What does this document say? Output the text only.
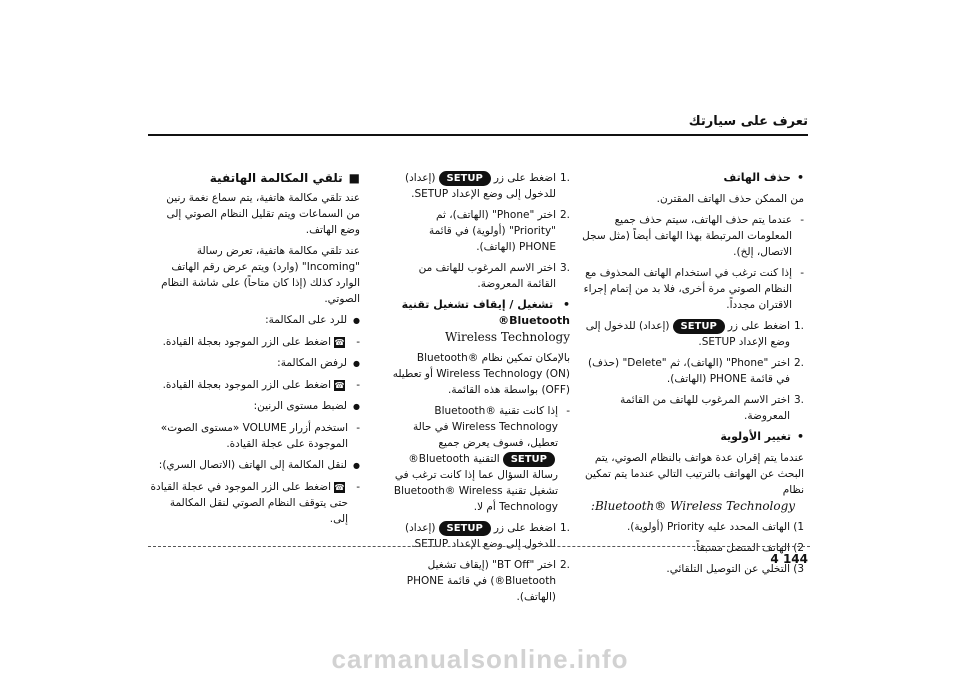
تعرف على سيارتك
• حذف الهاتف
من الممكن حذف الهاتف المقترن.
- عندما يتم حذف الهاتف، سيتم حذف جميع المعلومات المرتبطة بهذا الهاتف أيضاً (مثل سجل الاتصال، إلخ).
- إذا كنت ترغب في استخدام الهاتف المحذوف مع النظام الصوتي مرة أخرى، فلا بد من إتمام إجراء الاقتران مجدداً.
.1
اضغط على زرSETUP(إعداد) للدخول إلى وضع الإعداد SETUP.
.2
اختر "Phone" (الهاتف)، ثم "Delete" (حذف) في قائمة PHONE (الهاتف).
.3
اختر الاسم المرغوب للهاتف من القائمة المعروضة.
• تغيير الأولوية
عندما يتم إقران عدة هواتف بالنظام الصوتي، يتم البحث عن الهواتف بالترتيب التالي عندما يتم تمكين نظام
Bluetooth® Wireless Technology:
1)
الهاتف المحدد عليه Priority (أولوية).
2)
الهاتف المتصل مسبقاً.
3)
التخلي عن التوصيل التلقائي.
.1
اضغط على زرSETUP(إعداد) للدخول إلى وضع الإعداد SETUP.
.2
اختر "Phone" (الهاتف)، ثم "Priority" (أولوية) في قائمة PHONE (الهاتف).
.3
اختر الاسم المرغوب للهاتف من القائمة المعروضة.
• تشغيل / إيقاف تشغيل تقنية Bluetooth®
Wireless Technology
بالإمكان تمكين نظام Bluetooth® Wireless Technology (ON) أو تعطيله (OFF) بواسطة هذه القائمة.
- إذا كانت تقنية Bluetooth® Wireless Technology في حالة تعطيل، فسوف يعرض جميعSETUPالتقنية Bluetooth® رسالة السؤال عما إذا كانت ترغب في تشغيل تقنية Bluetooth® Wireless Technology أم لا.
.1
اضغط على زرSETUP(إعداد) للدخول إلى وضع الإعداد SETUP.
.2
اختر "BT Off" (إيقاف تشغيل Bluetooth®) في قائمة PHONE (الهاتف).
■ تلقي المكالمة الهاتفية
عند تلقي مكالمة هاتفية، يتم سماع نغمة رنين من السماعات ويتم تقليل النظام الصوتي إلى وضع الهاتف.
عند تلقي مكالمة هاتفية، تعرض رسالة "Incoming" (وارد) ويتم عرض رقم الهاتف الوارد كذلك (إذا كان متاحاً) على شاشة النظام الصوتي.
● للرد على المكالمة:
- ☎اضغط على الزر الموجود بعجلة القيادة.
● لرفض المكالمة:
- ☎اضغط على الزر الموجود بعجلة القيادة.
● لضبط مستوى الرنين:
- استخدم أزرار VOLUME «مستوى الصوت» الموجودة على عجلة القيادة.
● لنقل المكالمة إلى الهاتف (الاتصال السري):
- ☎اضغط على الزر الموجود في عجلة القيادة حتى يتوقف النظام الصوتي لنقل المكالمة إلى.
4 144
carmanualsonline.info
